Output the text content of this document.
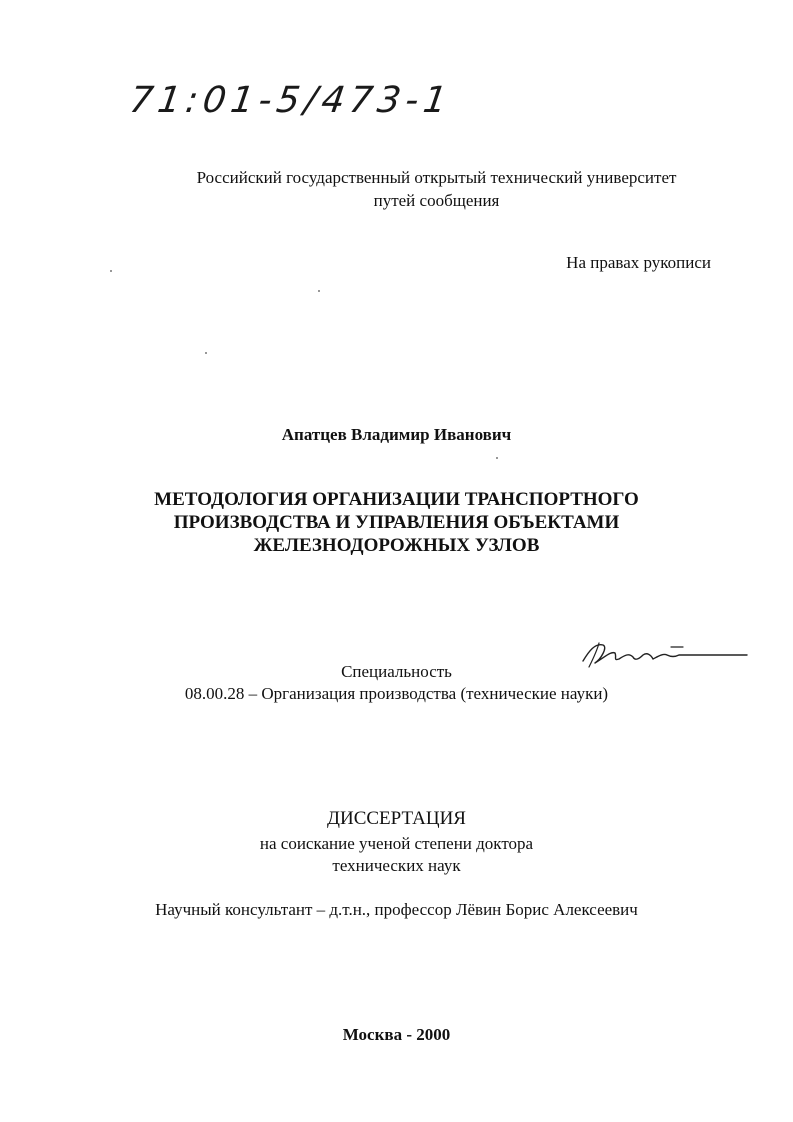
71:01-5/473-1
Российский государственный открытый технический университет
путей сообщения
На правах рукописи
Апатцев Владимир Иванович
МЕТОДОЛОГИЯ ОРГАНИЗАЦИИ ТРАНСПОРТНОГО
ПРОИЗВОДСТВА И УПРАВЛЕНИЯ ОБЪЕКТАМИ
ЖЕЛЕЗНОДОРОЖНЫХ УЗЛОВ
Специальность
08.00.28 – Организация производства (технические науки)
ДИССЕРТАЦИЯ
на соискание ученой степени доктора
технических наук
Научный консультант – д.т.н., профессор Лёвин Борис Алексеевич
Москва - 2000
